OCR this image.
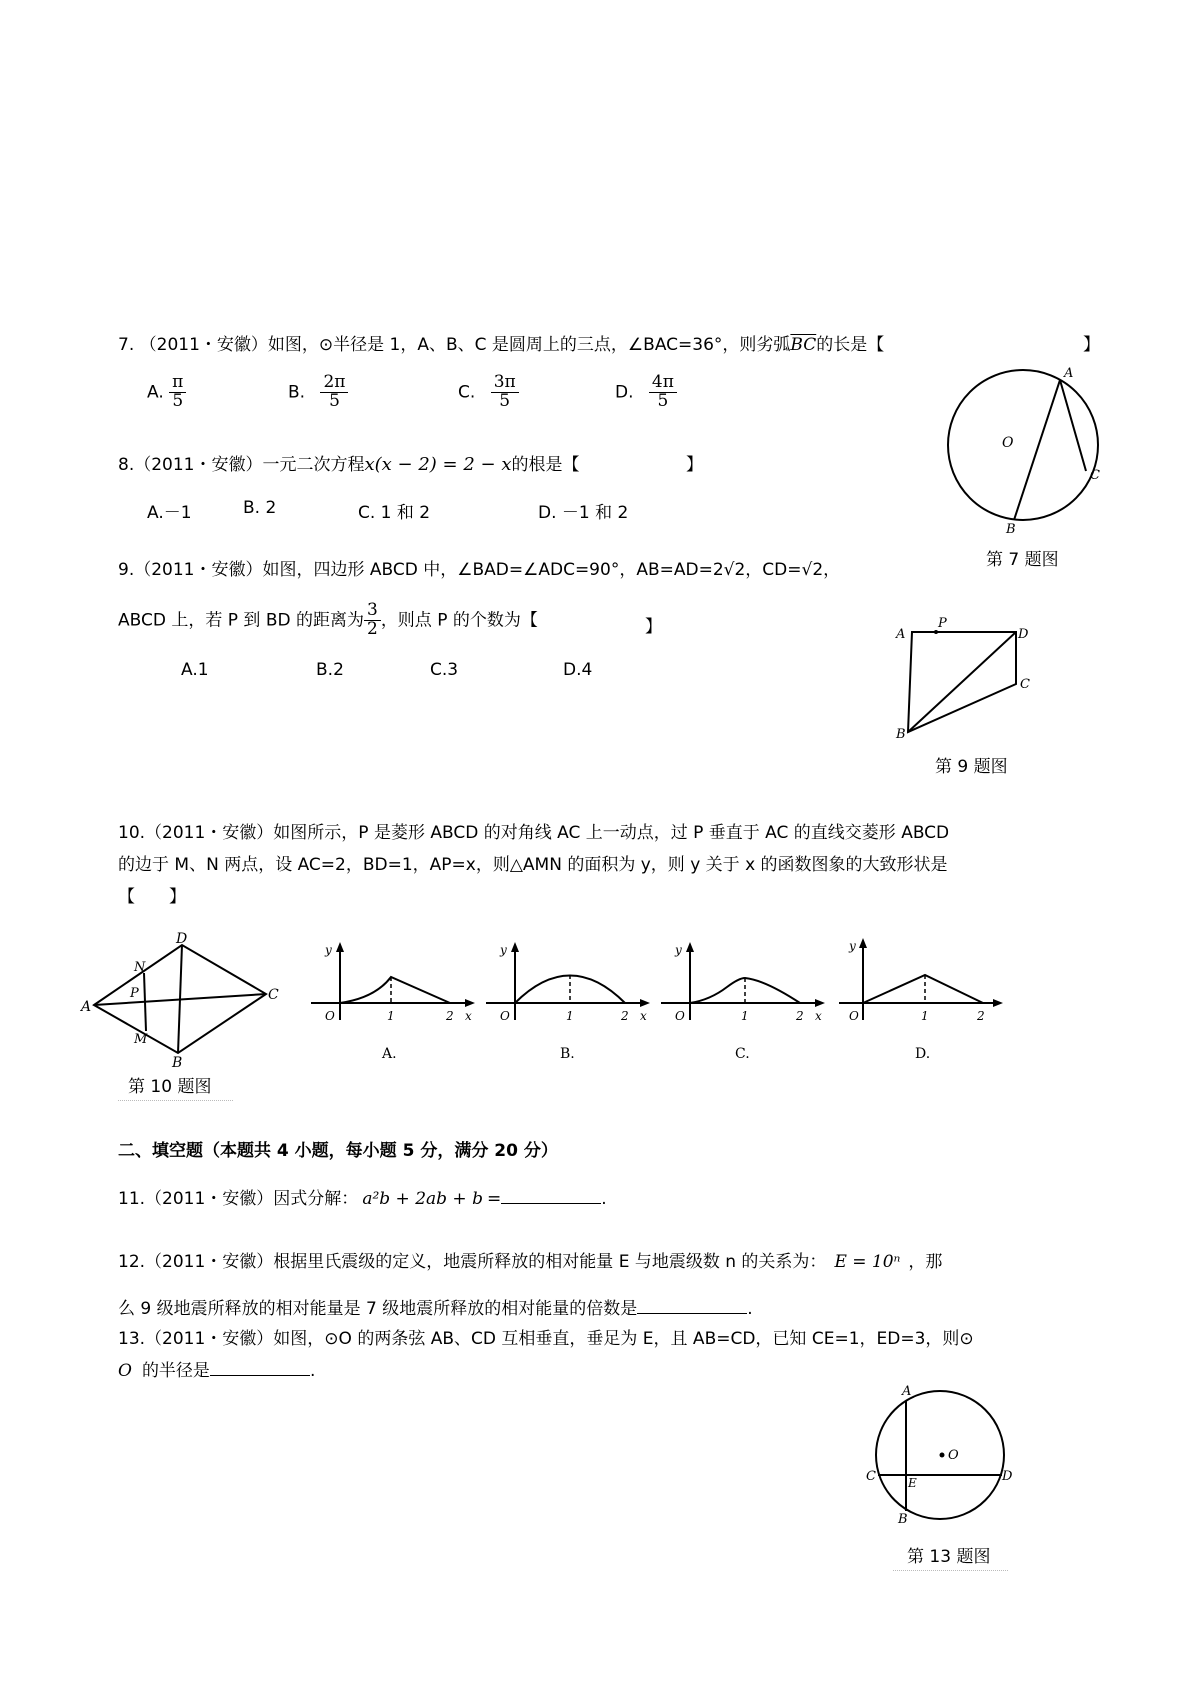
7. （2011・安徽）如图，⊙半径是 1，A、B、C 是圆周上的三点，∠BAC=36°，则劣弧$\overline{BC}$的长是【	】
A. $\frac{\pi}{5}$	B. $\frac{2\pi}{5}$	C. $\frac{3\pi}{5}$	D. $\frac{4\pi}{5}$
A
B
C
O
第 7 题图
8.（2011・安徽）一元二次方程x(x − 2) = 2 − x的根是【	】
A.－1	B. 2	C. 1 和 2	D. －1 和 2
9.（2011・安徽）如图，四边形 ABCD 中，∠BAD=∠ADC=90°，AB=AD=2√2，CD=√2，
ABCD 上，若 P 到 BD 的距离为 $\frac{3}{2}$ ，则点 P 的个数为【	】
A.1	B.2	C.3	D.4
A
P
D
C
B
第 9 题图
10.（2011・安徽）如图所示，P 是菱形 ABCD 的对角线 AC 上一动点，过 P 垂直于 AC 的直线交菱形 ABCD
的边于 M、N 两点，设 AC=2，BD=1，AP=x，则△AMN 的面积为 y，则 y 关于 x 的函数图象的大致形状是
【　　】
A
D
C
B
N
M
P
第 10 题图
y
O	1	2 x
A.
y
O	1	2 x
B.
y
O	1	2 x
C.
y
O	1	2
D.
二、填空题（本题共 4 小题，每小题 5 分，满分 20 分）
11.（2011・安徽）因式分解： a²b + 2ab + b =	.
12.（2011・安徽）根据里氏震级的定义，地震所释放的相对能量 E 与地震级数 n 的关系为： E = 10ⁿ ，那
么 9 级地震所释放的相对能量是 7 级地震所释放的相对能量的倍数是	.
13.（2011・安徽）如图，⊙O 的两条弦 AB、CD 互相垂直，垂足为 E，且 AB=CD，已知 CE=1，ED=3，则⊙
O 的半径是	.
A
O
C	E	D
B
第 13 题图
